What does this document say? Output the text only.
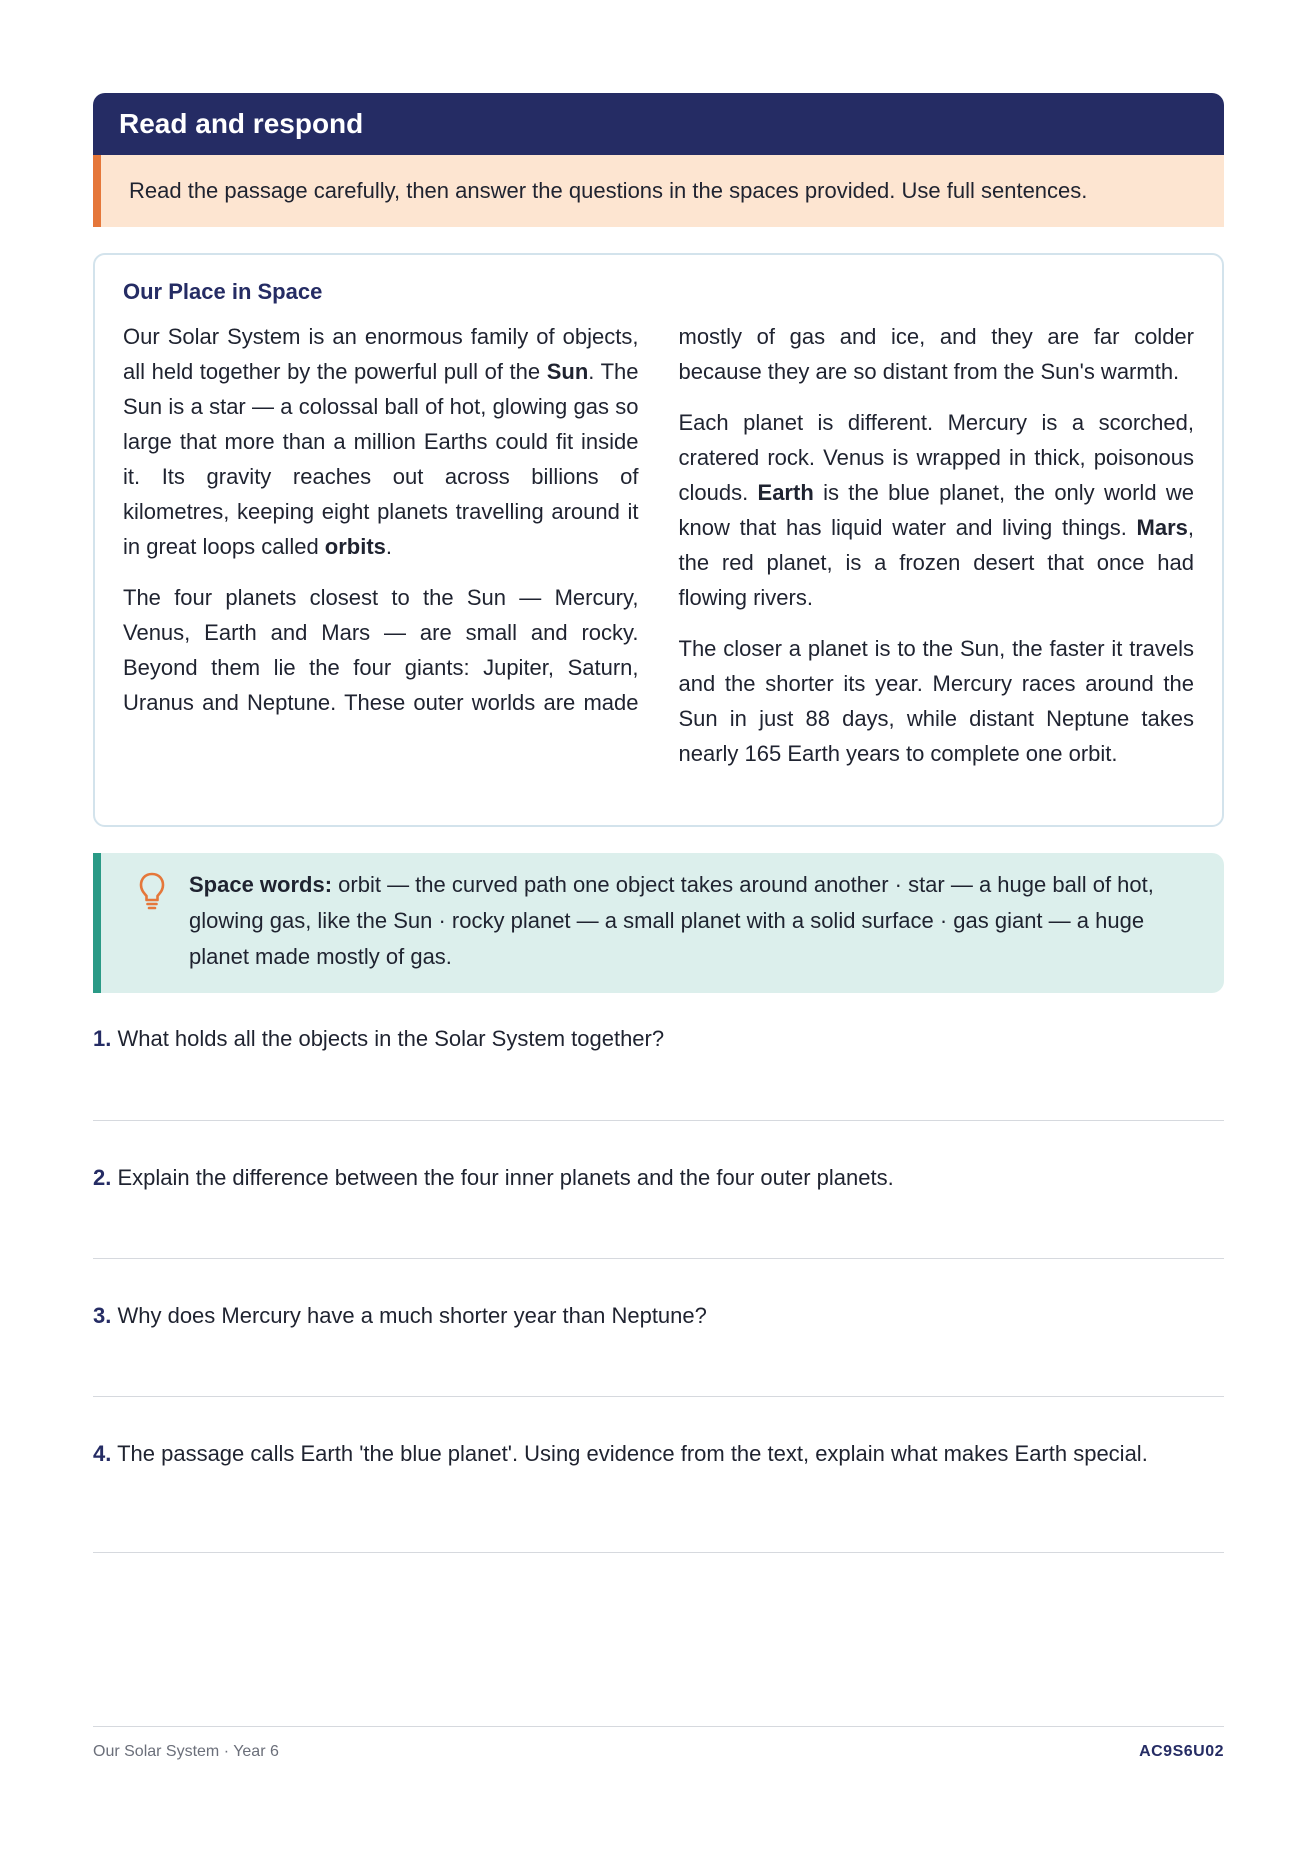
Read and respond
Read the passage carefully, then answer the questions in the spaces provided. Use full sentences.
Our Place in Space

Our Solar System is an enormous family of objects, all held together by the powerful pull of the Sun. The Sun is a star — a colossal ball of hot, glowing gas so large that more than a million Earths could fit inside it. Its gravity reaches out across billions of kilometres, keeping eight planets travelling around it in great loops called orbits.

The four planets closest to the Sun — Mercury, Venus, Earth and Mars — are small and rocky. Beyond them lie the four giants: Jupiter, Saturn, Uranus and Neptune. These outer worlds are made mostly of gas and ice, and they are far colder because they are so distant from the Sun's warmth.

Each planet is different. Mercury is a scorched, cratered rock. Venus is wrapped in thick, poisonous clouds. Earth is the blue planet, the only world we know that has liquid water and living things. Mars, the red planet, is a frozen desert that once had flowing rivers.

The closer a planet is to the Sun, the faster it travels and the shorter its year. Mercury races around the Sun in just 88 days, while distant Neptune takes nearly 165 Earth years to complete one orbit.

Space words: orbit — the curved path one object takes around another · star — a huge ball of hot, glowing gas, like the Sun · rocky planet — a small planet with a solid surface · gas giant — a huge planet made mostly of gas.
1. What holds all the objects in the Solar System together?
2. Explain the difference between the four inner planets and the four outer planets.
3. Why does Mercury have a much shorter year than Neptune?
4. The passage calls Earth 'the blue planet'. Using evidence from the text, explain what makes Earth special.
Our Solar System · Year 6	AC9S6U02
